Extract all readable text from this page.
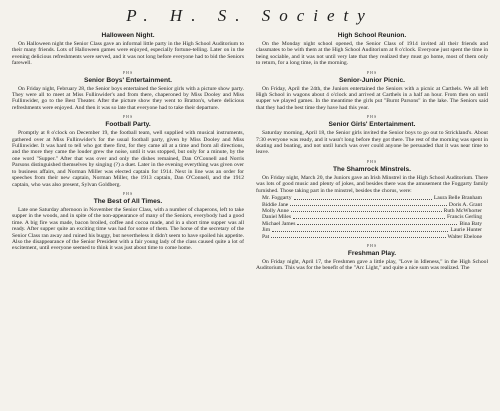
P. H. S. Society
Halloween Night.

On Halloween night the Senior Class gave an informal little party in the High School Auditorium to their many friends. Lots of Halloween games were enjoyed, especially fortune-telling. Later on in the evening delicious refreshments were served, and it was not long before everyone had to bid the Seniors farewell.

PHS
Senior Boys' Entertainment.

On Friday night, February 28, the Senior boys entertained the Senior girls with a picture show party. They were all to meet at Miss Fullinwider's and from there, chaperoned by Miss Dooley and Miss Fullinwider, go to the Best Theater. After the picture show they went to Bratton's, where delicious refreshments were enjoyed. And then it was so late that everyone had to take their departure.

PHS
Football Party.

Promptly at 8 o'clock on December 19, the football team, well supplied with musical instruments, gathered over at Miss Fullinwider's for the usual football party, given by Miss Dooley and Miss Fullinwider. It was hard to tell who got there first, for they came all at a time and from all directions, and the more they came the louder grew the noise, until it was stopped, but only for a minute, by the one word "Supper." After that was over and only the dishes remained, Dan O'Connell and Norris Parsons distinguished themselves by singing (?) a duet. Later in the evening everything was given over to business affairs, and Norman Miller was elected captain for 1914. Next in line was an order for speeches from their new captain, Norman Miller, the 1913 captain, Dan O'Connell, and the 1912 captain, who was also present, Sylvan Goldberg.

PHS
The Best of All Times.

Late one Saturday afternoon in November the Senior Class, with a number of chaperons, left to take supper in the woods, and in spite of the non-appearance of many of the Seniors, everybody had a good time. A big fire was made, bacon broiled, coffee and cocoa made, and in a short time supper was all ready. After supper quite an exciting time was had for some of them. The horse of the secretary of the Senior Class ran away and ruined his buggy, but nevertheless it didn't seem to have spoiled his appetite. Also the disappearance of the Senior President with a fair young lady of the class caused quite a lot of excitement, until everyone seemed to think it was just about time to come home.

High School Reunion.

On the Monday night school opened, the Senior Class of 1914 invited all their friends and classmates to be with them at the High School Auditorium at 8 o'clock. Everyone just spent the time in being sociable, and it was not until very late that they realized they must go home, most of them only to return, for a long time, in the morning.

PHS
Senior-Junior Picnic.

On Friday, April the 24th, the Juniors entertained the Seniors with a picnic at Carthels. We all left High School in wagons about 4 o'clock and arrived at Carthels in a half an hour. From then on until supper we played games. In the meantime the girls put "Burnt Parsons" in the lake. The Seniors said that they had the best time they have had this year.

PHS
Senior Girls' Entertainment.

Saturday morning, April 18, the Senior girls invited the Senior boys to go out to Strickland's. About 7:30 everyone was ready, and it wasn't long before they got there. The rest of the morning was spent in skating and boating, and not until lunch was over could anyone be persuaded that it was near time to leave.

PHS
The Shamrock Minstrels.

On Friday night, March 20, the Juniors gave an Irish Minstrel in the High School Auditorium. There was lots of good music and plenty of jokes, and besides there was the amusement the Foggarty family furnished. Those taking part in the minstrel, besides the chorus, were:

Mr. Foggarty	Laura Belle Branham
Biddie Jane	Doris A. Grant
Molly Anne	Ruth McWhorter
Daniel Miles	Francis Gerling
Michael James	Bina Baty
Jim	Laurie Hunter
Pat	Walter Ebelone
PHS
Freshman Play.

On Friday night, April 17, the Freshmen gave a little play, "Love in Idleness," in the High School Auditorium. This was for the benefit of the "Arc Light," and quite a nice sum was realized. The
